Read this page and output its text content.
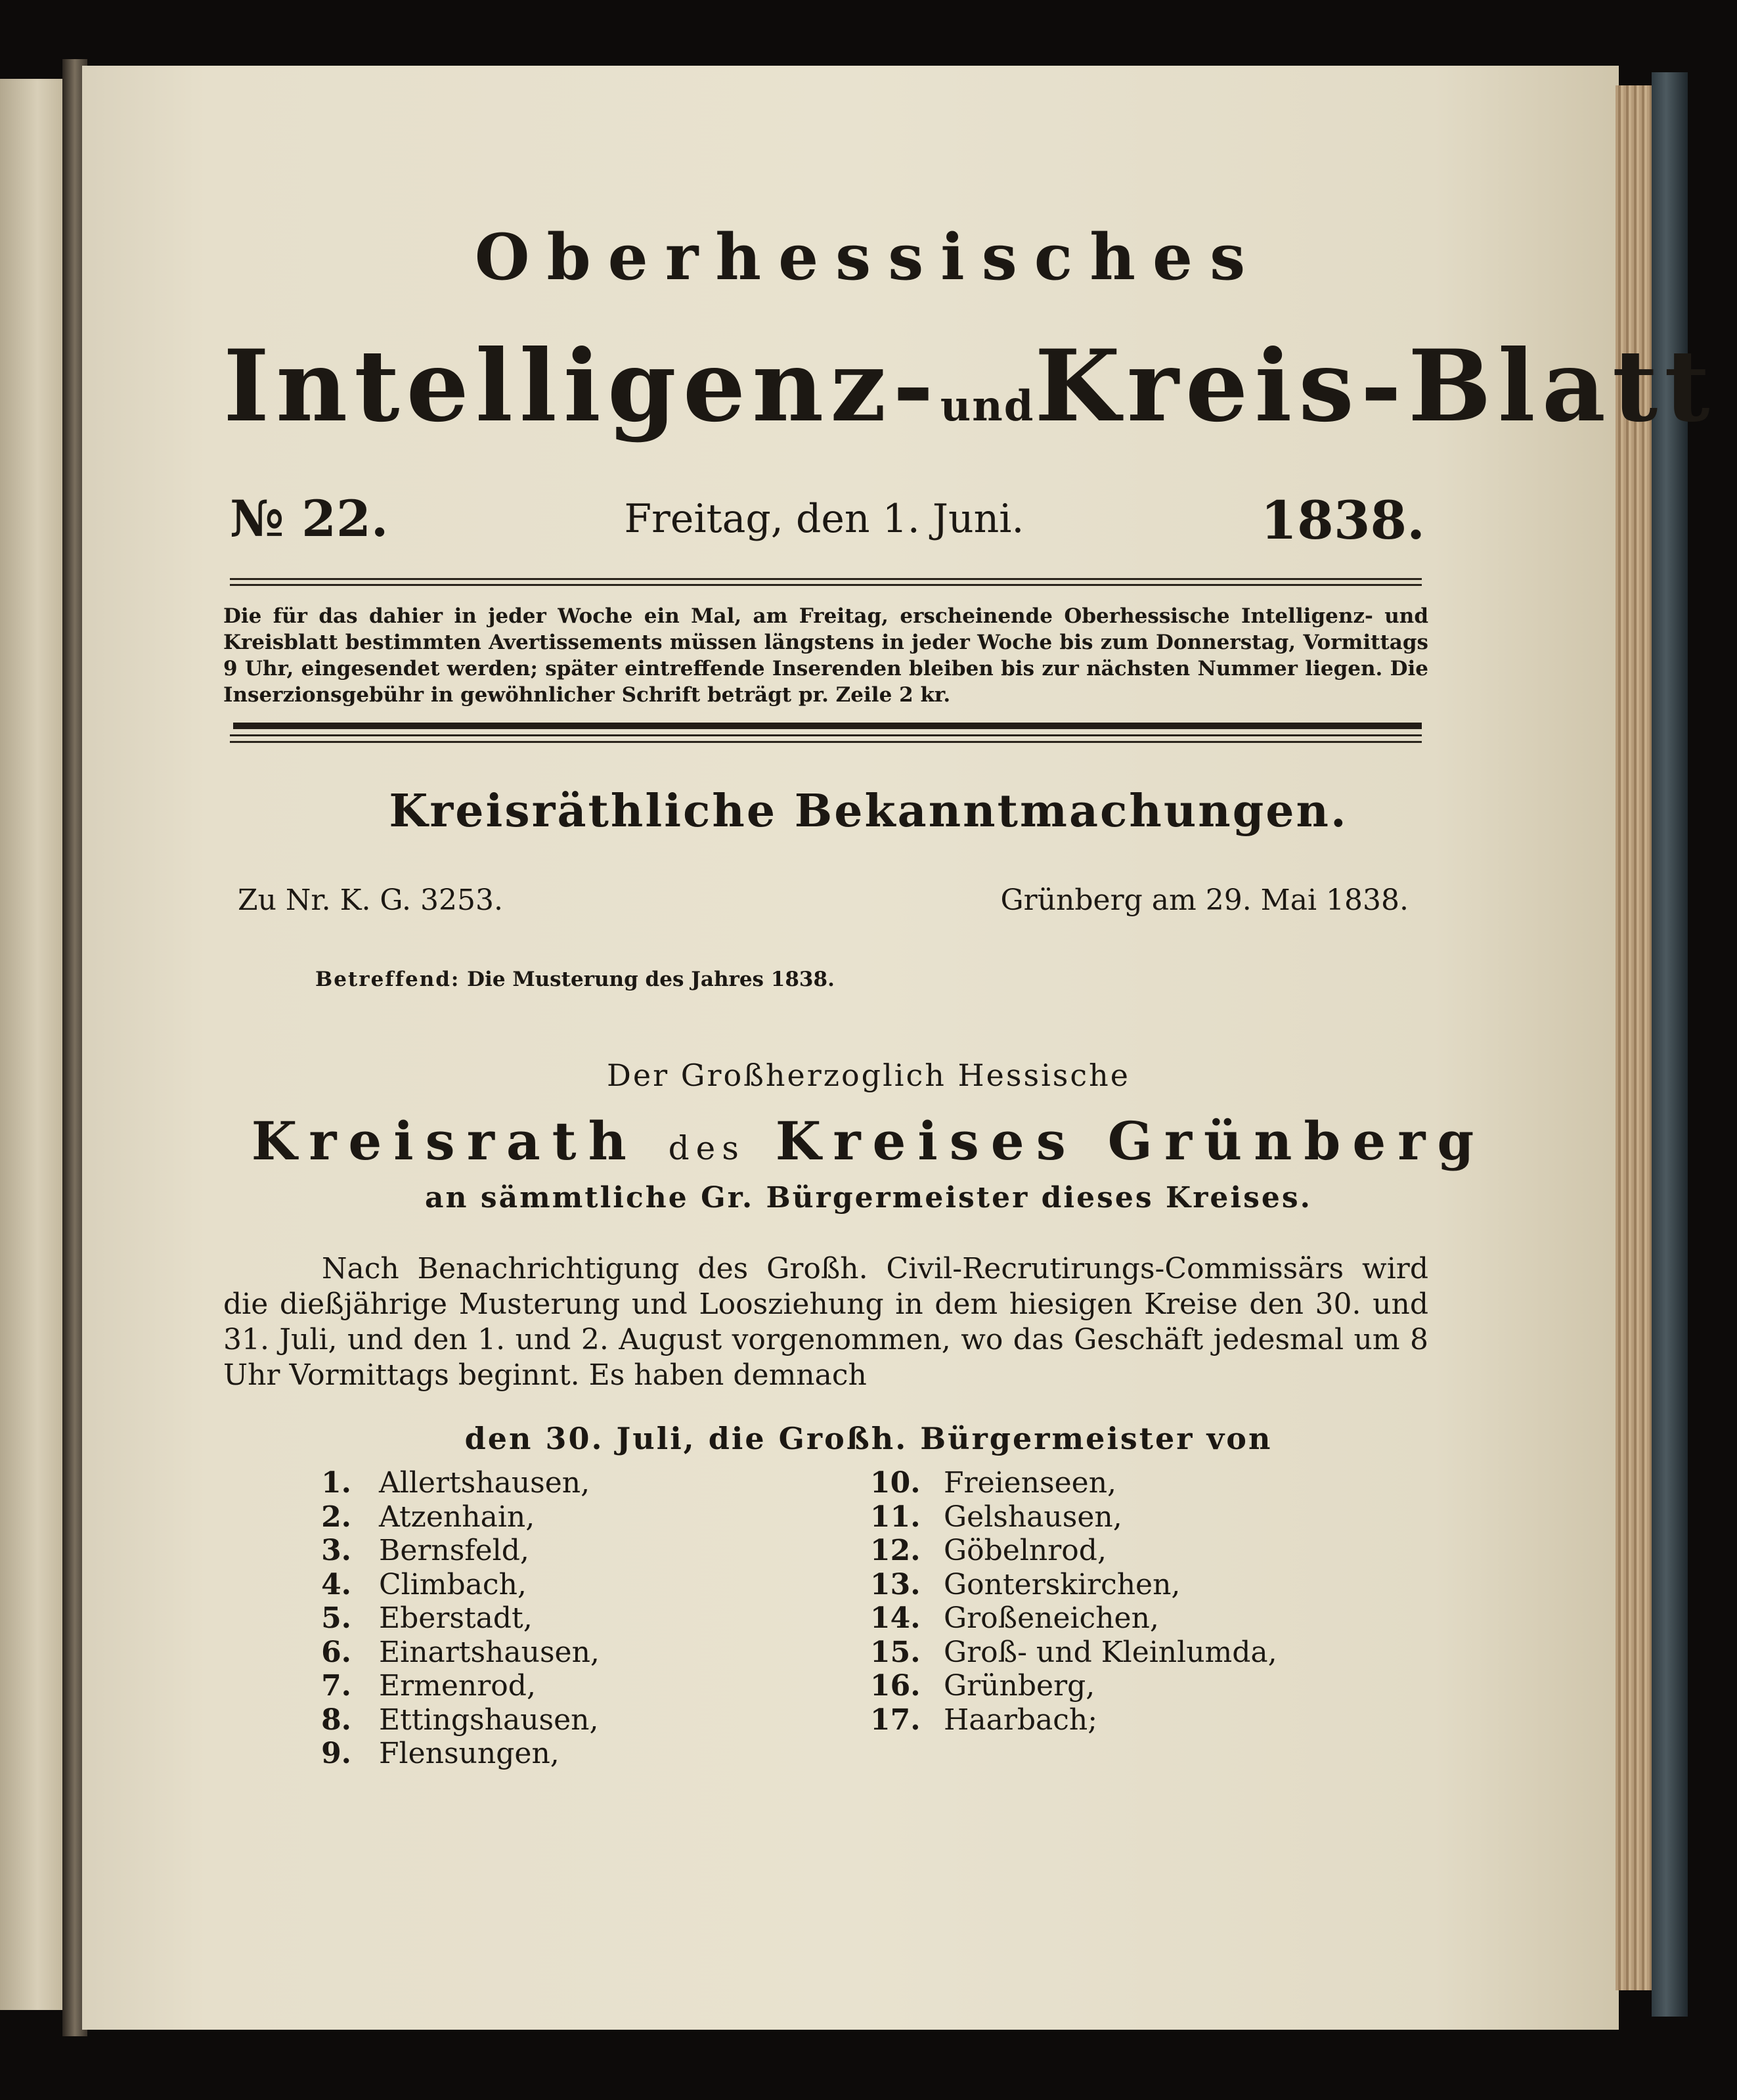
Oberhessisches
Intelligenz-undKreis-Blatt
№ 22.	Freitag, den 1. Juni.	1838.
Die für das dahier in jeder Woche ein Mal, am Freitag, erscheinende Oberhessische Intelligenz- und Kreisblatt bestimmten Avertissements müssen längstens in jeder Woche bis zum Donnerstag, Vormittags 9 Uhr, eingesendet werden; später eintreffende Inserenden bleiben bis zur nächsten Nummer liegen. Die Inserzionsgebühr in gewöhnlicher Schrift beträgt pr. Zeile 2 kr.
Kreisräthliche Bekanntmachungen.
Zu Nr. K. G. 3253.	Grünberg am 29. Mai 1838.
Betreffend: Die Musterung des Jahres 1838.
Der Großherzoglich Hessische
Kreisrath des Kreises Grünberg
an sämmtliche Gr. Bürgermeister dieses Kreises.
Nach Benachrichtigung des Großh. Civil-Recrutirungs-Commissärs wird die dießjährige Musterung und Loosziehung in dem hiesigen Kreise den 30. und 31. Juli, und den 1. und 2. August vorgenommen, wo das Geschäft jedesmal um 8 Uhr Vormittags beginnt. Es haben demnach
den 30. Juli, die Großh. Bürgermeister von
1. Allertshausen,
2. Atzenhain,
3. Bernsfeld,
4. Climbach,
5. Eberstadt,
6. Einartshausen,
7. Ermenrod,
8. Ettingshausen,
9. Flensungen,
10. Freienseen,
11. Gelshausen,
12. Göbelnrod,
13. Gonterskirchen,
14. Großeneichen,
15. Groß- und Kleinlumda,
16. Grünberg,
17. Haarbach;
